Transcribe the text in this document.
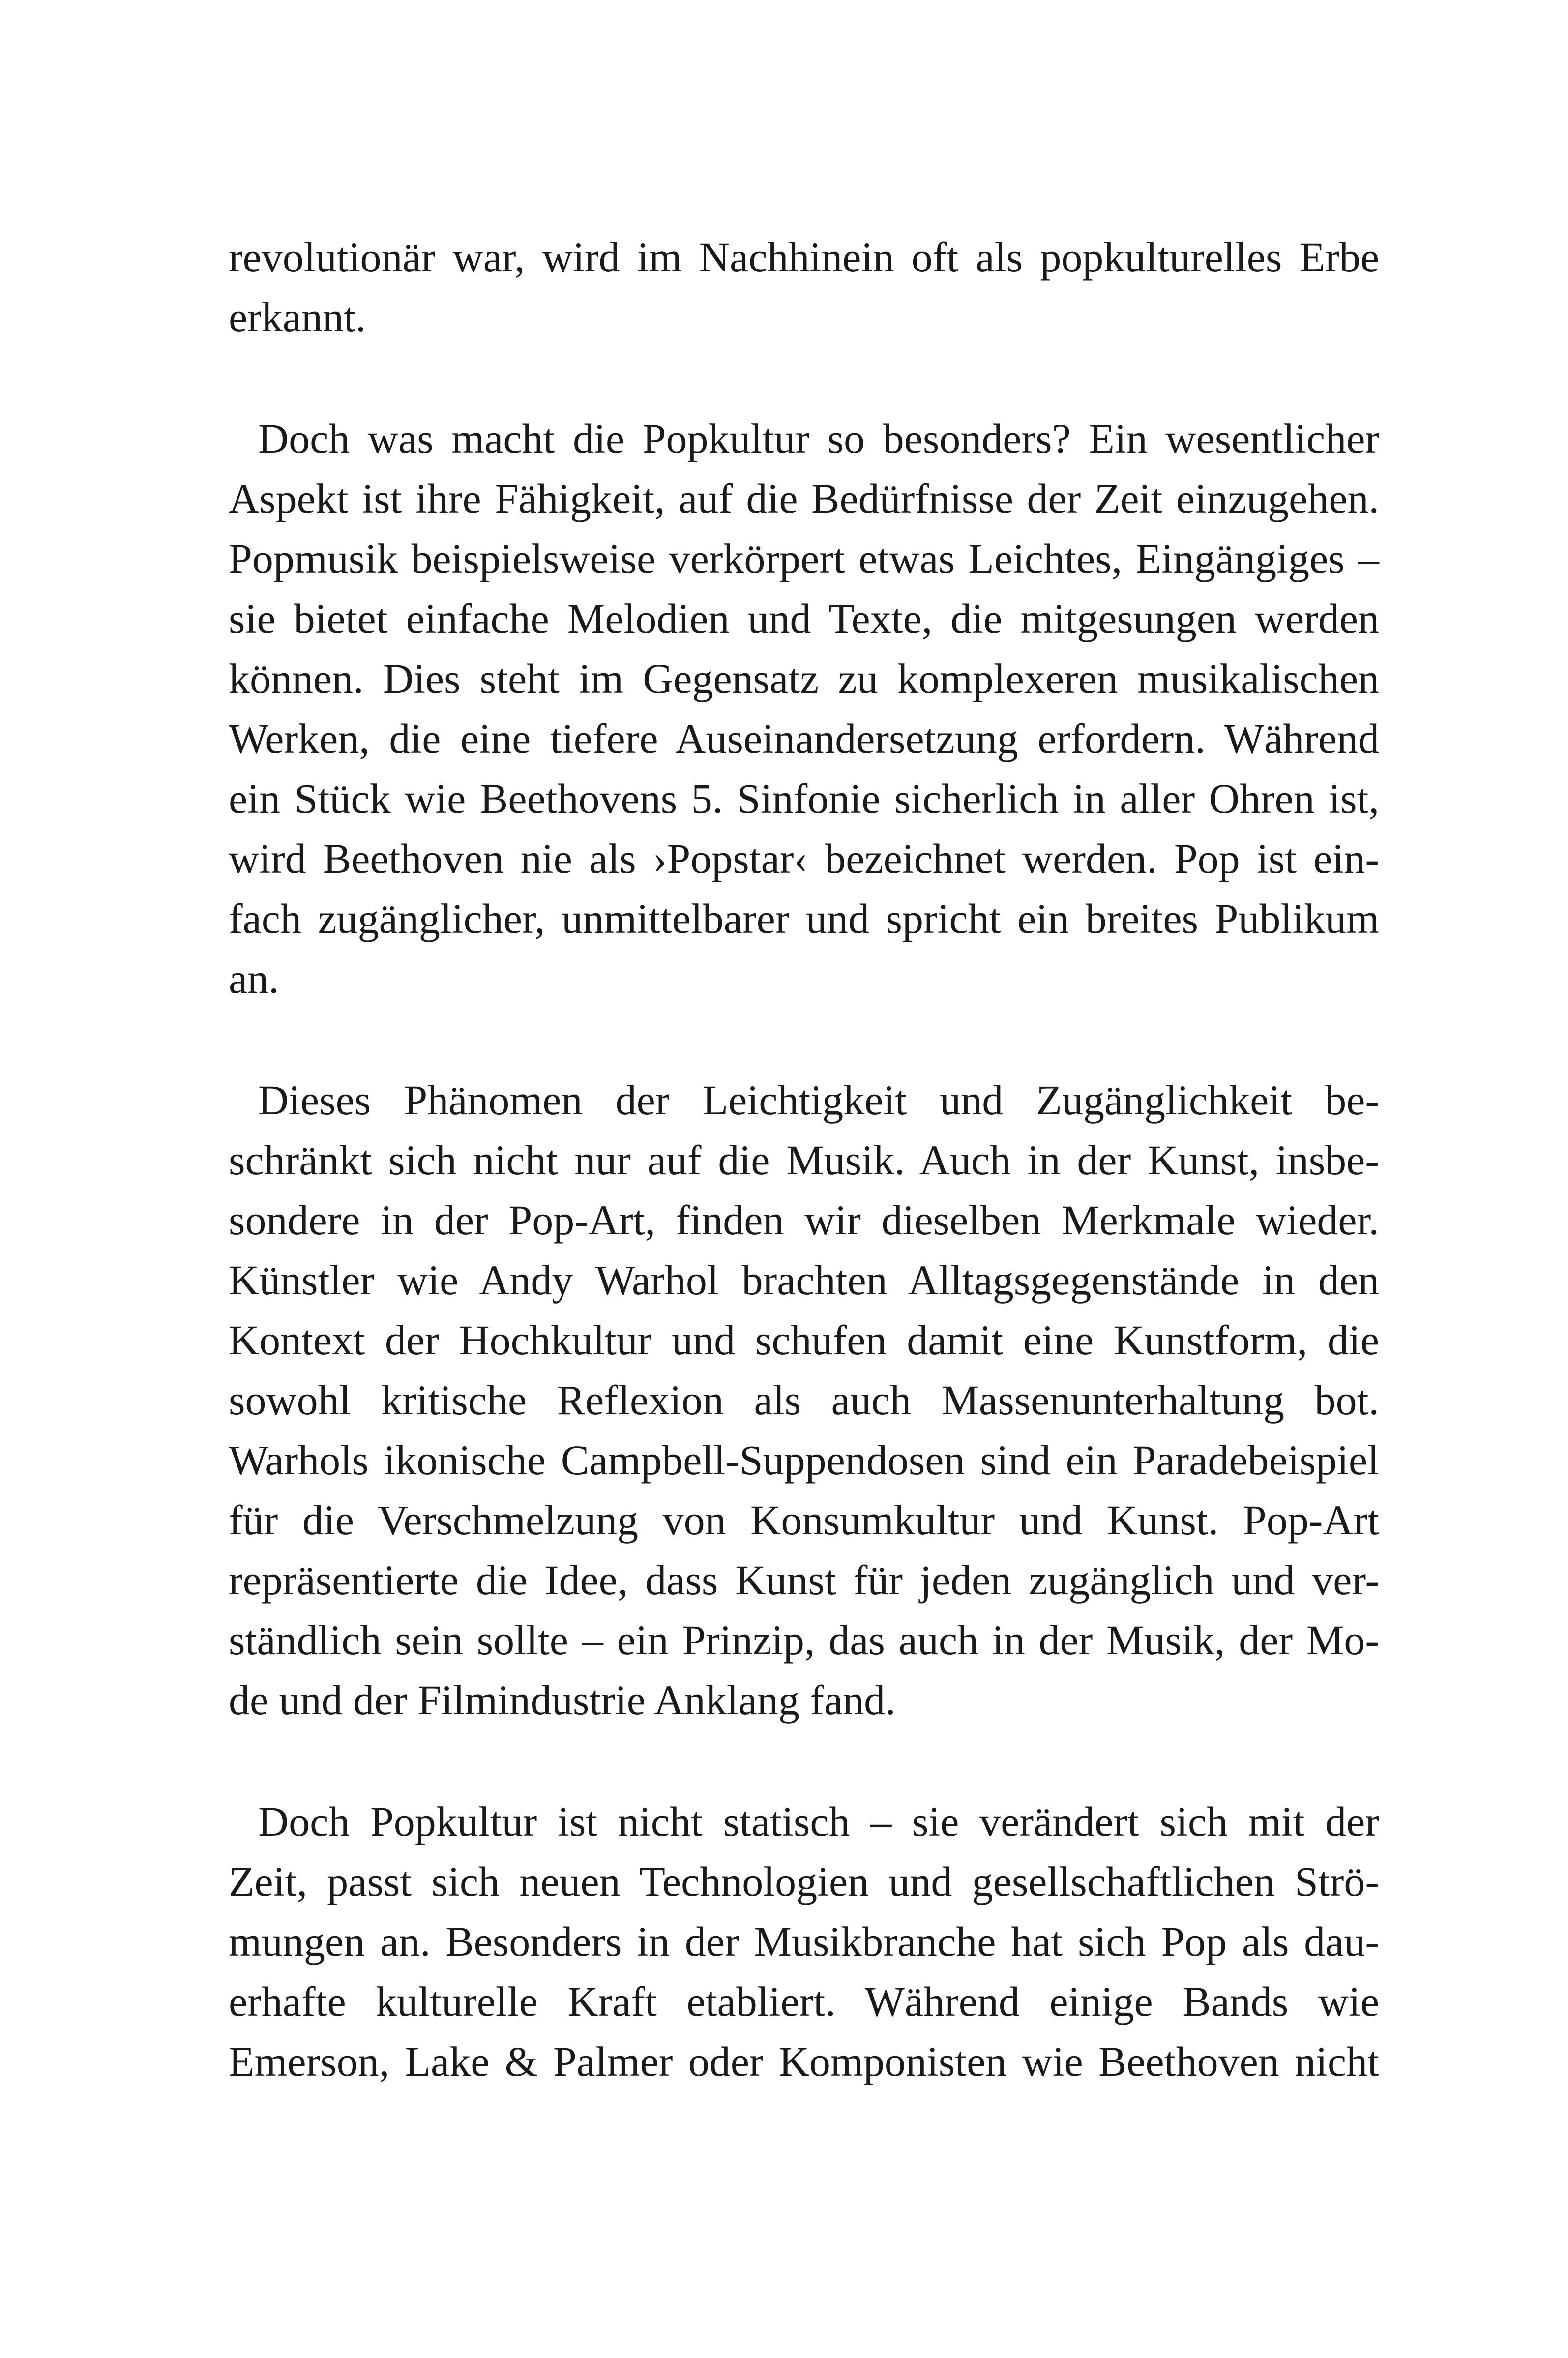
revolutionär war, wird im Nachhinein oft als popkulturelles Erbe
erkannt.
Doch was macht die Popkultur so besonders? Ein wesentlicher
Aspekt ist ihre Fähigkeit, auf die Bedürfnisse der Zeit einzugehen.
Popmusik beispielsweise verkörpert etwas Leichtes, Eingängiges –
sie bietet einfache Melodien und Texte, die mitgesungen werden
können. Dies steht im Gegensatz zu komplexeren musikalischen
Werken, die eine tiefere Auseinandersetzung erfordern. Während
ein Stück wie Beethovens 5. Sinfonie sicherlich in aller Ohren ist,
wird Beethoven nie als ›Popstar‹ bezeichnet werden. Pop ist ein-
fach zugänglicher, unmittelbarer und spricht ein breites Publikum
an.
Dieses Phänomen der Leichtigkeit und Zugänglichkeit be-
schränkt sich nicht nur auf die Musik. Auch in der Kunst, insbe-
sondere in der Pop-Art, finden wir dieselben Merkmale wieder.
Künstler wie Andy Warhol brachten Alltagsgegenstände in den
Kontext der Hochkultur und schufen damit eine Kunstform, die
sowohl kritische Reflexion als auch Massenunterhaltung bot.
Warhols ikonische Campbell-Suppendosen sind ein Paradebeispiel
für die Verschmelzung von Konsumkultur und Kunst. Pop-Art
repräsentierte die Idee, dass Kunst für jeden zugänglich und ver-
ständlich sein sollte – ein Prinzip, das auch in der Musik, der Mo-
de und der Filmindustrie Anklang fand.
Doch Popkultur ist nicht statisch – sie verändert sich mit der
Zeit, passt sich neuen Technologien und gesellschaftlichen Strö-
mungen an. Besonders in der Musikbranche hat sich Pop als dau-
erhafte kulturelle Kraft etabliert. Während einige Bands wie
Emerson, Lake & Palmer oder Komponisten wie Beethoven nicht
